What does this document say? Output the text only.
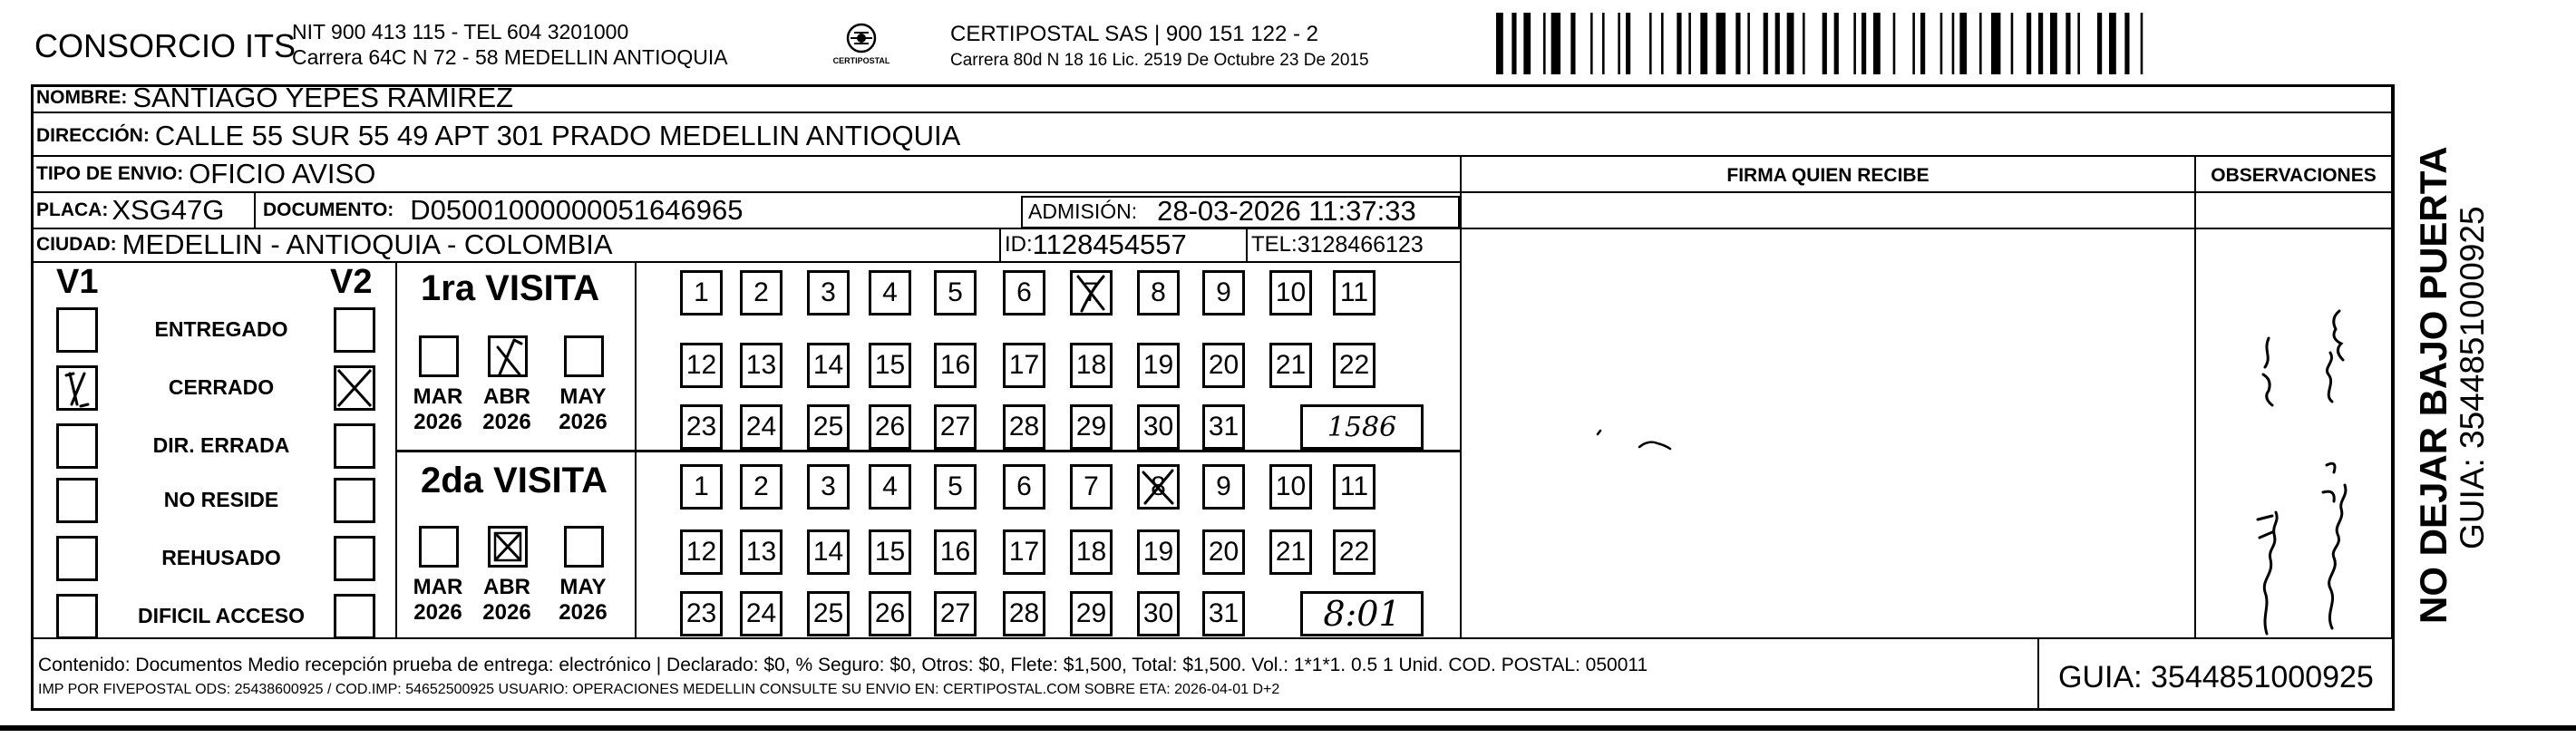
CONSORCIO ITS
NIT 900 413 115 - TEL 604 3201000
Carrera 64C N 72 - 58 MEDELLIN ANTIOQUIA	CERTIPOSTAL
CERTIPOSTAL SAS | 900 151 122 - 2
Carrera 80d N 18 16 Lic. 2519 De Octubre 23 De 2015
NOMBRE: SANTIAGO YEPES RAMIREZ
DIRECCIÓN: CALLE 55 SUR 55 49 APT 301 PRADO MEDELLIN ANTIOQUIA
TIPO DE ENVIO: OFICIO AVISO	FIRMA QUIEN RECIBE	OBSERVACIONES
PLACA: XSG47G DOCUMENTO: D05001000000051646965	ADMISIÓN: 28-03-2026 11:37:33
CIUDAD: MEDELLIN - ANTIOQUIA - COLOMBIA	ID: 1128454557	TEL: 3128466123
V1	V2
ENTREGADO
CERRADO
DIR. ERRADA
NO RESIDE
REHUSADO
DIFICIL ACCESO
1ra VISITA
2da VISITA
MAR
2026
ABR
2026
MAY
2026
MAR
2026
ABR
2026
MAY
2026
1 2 3 4 5 6 7 8 9 10 11
12 13 14 15 16 17 18 19 20 21 22
23 24 25 26 27 28 29 30 31	1586
1 2 3 4 5 6 7 8 9 10 11
12 13 14 15 16 17 18 19 20 21 22
23 24 25 26 27 28 29 30 31 8:01	NO DEJAR BAJO PUERTA GUIA: 3544851000925
Contenido: Documentos Medio recepción prueba de entrega: electrónico | Declarado: $0, % Seguro: $0, Otros: $0, Flete: $1,500, Total: $1,500. Vol.: 1*1*1. 0.5 1 Unid. COD. POSTAL: 050011
IMP POR FIVEPOSTAL ODS: 25438600925 / COD.IMP: 54652500925 USUARIO: OPERACIONES MEDELLIN CONSULTE SU ENVIO EN: CERTIPOSTAL.COM SOBRE ETA: 2026-04-01 D+2	GUIA: 3544851000925
